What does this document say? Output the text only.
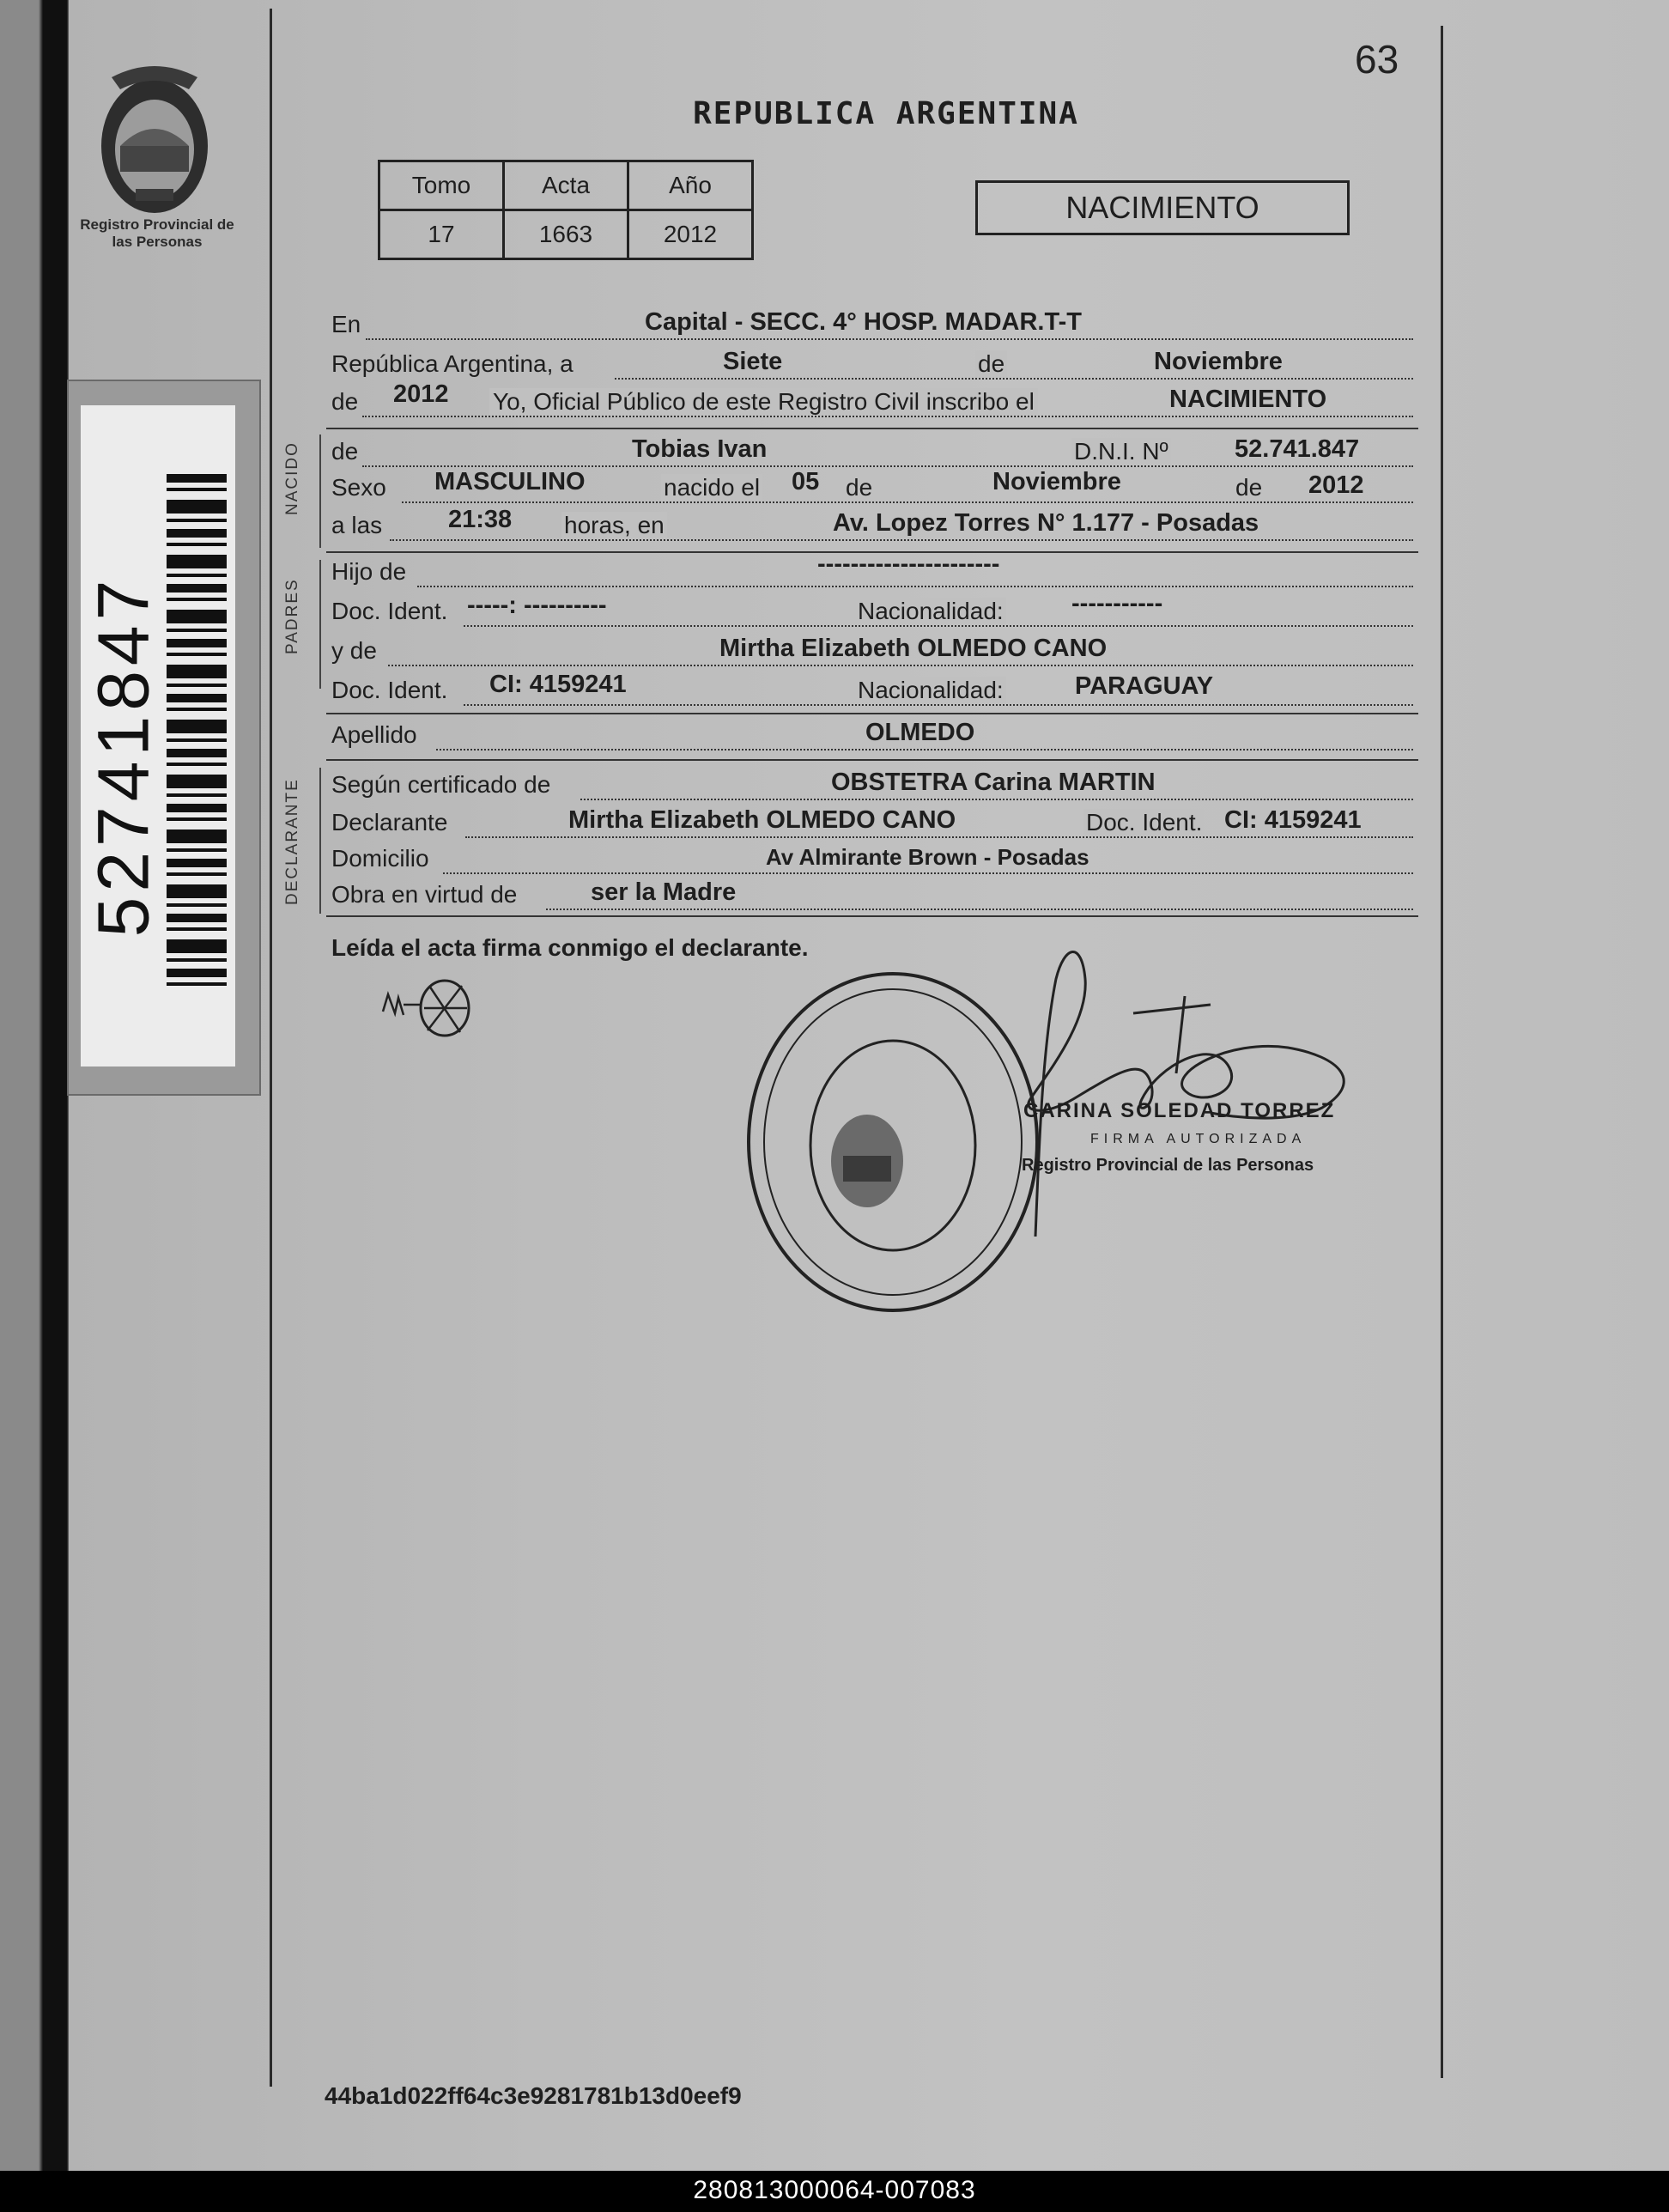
Registro Provincial de las Personas
52741847
63
REPUBLICA ARGENTINA
Tomo	Acta	Año
17	1663	2012
NACIMIENTO
En	Capital - SECC. 4° HOSP. MADAR.T-T
República Argentina, a	Siete	de	Noviembre
de 2012 Yo, Oficial Público de este Registro Civil inscribo el	NACIMIENTO
NACIDO de	Tobias Ivan	D.N.I. Nº	52.741.847
Sexo MASCULINO	nacido el 05 de	Noviembre	de 2012
a las	21:38 horas, en	Av. Lopez Torres N° 1.177 - Posadas
PADRES
Hijo de	----------------------
Doc. Ident. -----: ----------	Nacionalidad:	-----------
y de	Mirtha Elizabeth OLMEDO CANO
Doc. Ident. CI: 4159241	Nacionalidad:	PARAGUAY
Apellido	OLMEDO
DECLARANTE Según certificado de	OBSTETRA Carina MARTIN
Declarante	Mirtha Elizabeth OLMEDO CANO	Doc. Ident. CI: 4159241
Domicilio	Av Almirante Brown - Posadas
Obra en virtud de	ser la Madre
Leída el acta firma conmigo el declarante.
CARINA SOLEDAD TORREZ
FIRMA AUTORIZADA
Registro Provincial de las Personas
44ba1d022ff64c3e9281781b13d0eef9
280813000064-007083
